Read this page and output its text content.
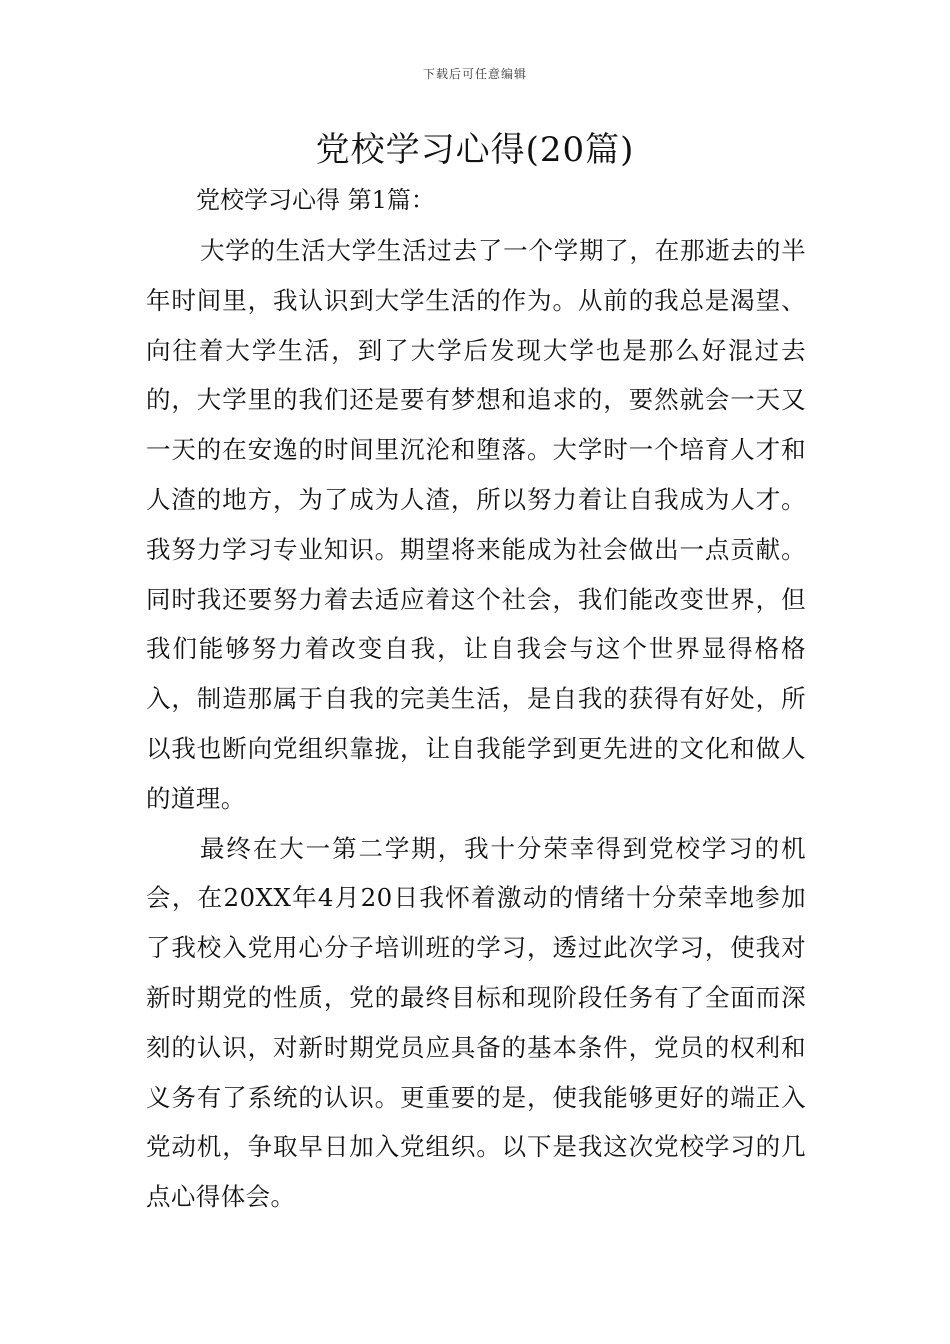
下载后可任意编辑
党校学习心得(20篇)
党校学习心得 第1篇：

大学的生活大学生活过去了一个学期了，在那逝去的半年时间里，我认识到大学生活的作为。从前的我总是渴望、向往着大学生活，到了大学后发现大学也是那么好混过去的，大学里的我们还是要有梦想和追求的，要然就会一天又一天的在安逸的时间里沉沦和堕落。大学时一个培育人才和人渣的地方，为了成为人渣，所以努力着让自我成为人才。我努力学习专业知识。期望将来能成为社会做出一点贡献。同时我还要努力着去适应着这个社会，我们能改变世界，但我们能够努力着改变自我，让自我会与这个世界显得格格入，制造那属于自我的完美生活，是自我的获得有好处，所以我也断向党组织靠拢，让自我能学到更先进的文化和做人的道理。

最终在大一第二学期，我十分荣幸得到党校学习的机会，在20XX年4月20日我怀着激动的情绪十分荣幸地参加了我校入党用心分子培训班的学习，透过此次学习，使我对新时期党的性质，党的最终目标和现阶段任务有了全面而深刻的认识，对新时期党员应具备的基本条件，党员的权利和义务有了系统的认识。更重要的是，使我能够更好的端正入党动机，争取早日加入党组织。以下是我这次党校学习的几点心得体会。
